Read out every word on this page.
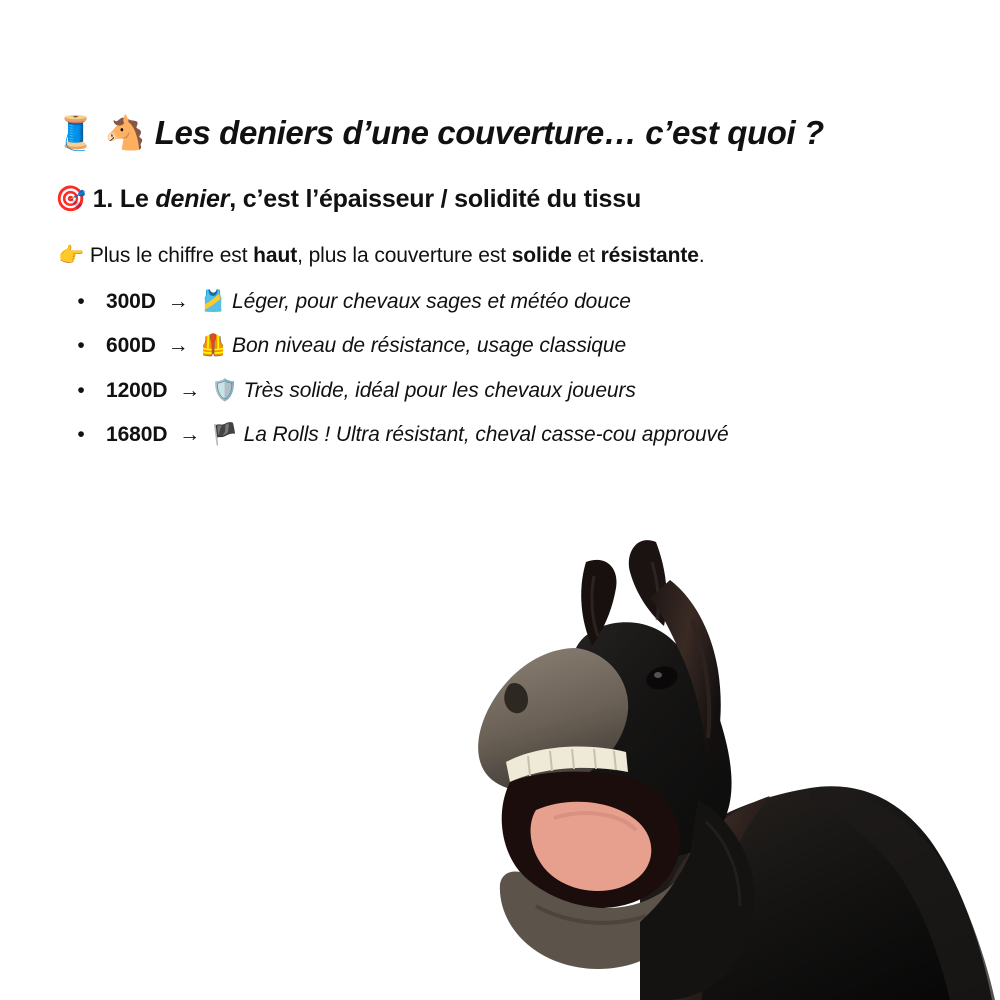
🧵 🐴 Les deniers d’une couverture… c’est quoi ?
🎯 1. Le denier, c’est l’épaisseur / solidité du tissu

👉 Plus le chiffre est haut, plus la couverture est solide et résistante.

• 300D → 🎽 Léger, pour chevaux sages et météo douce
• 600D → 🦺 Bon niveau de résistance, usage classique
• 1200D → 🛡️ Très solide, idéal pour les chevaux joueurs
• 1680D → 🏴 La Rolls ! Ultra résistant, cheval casse-cou approuvé
